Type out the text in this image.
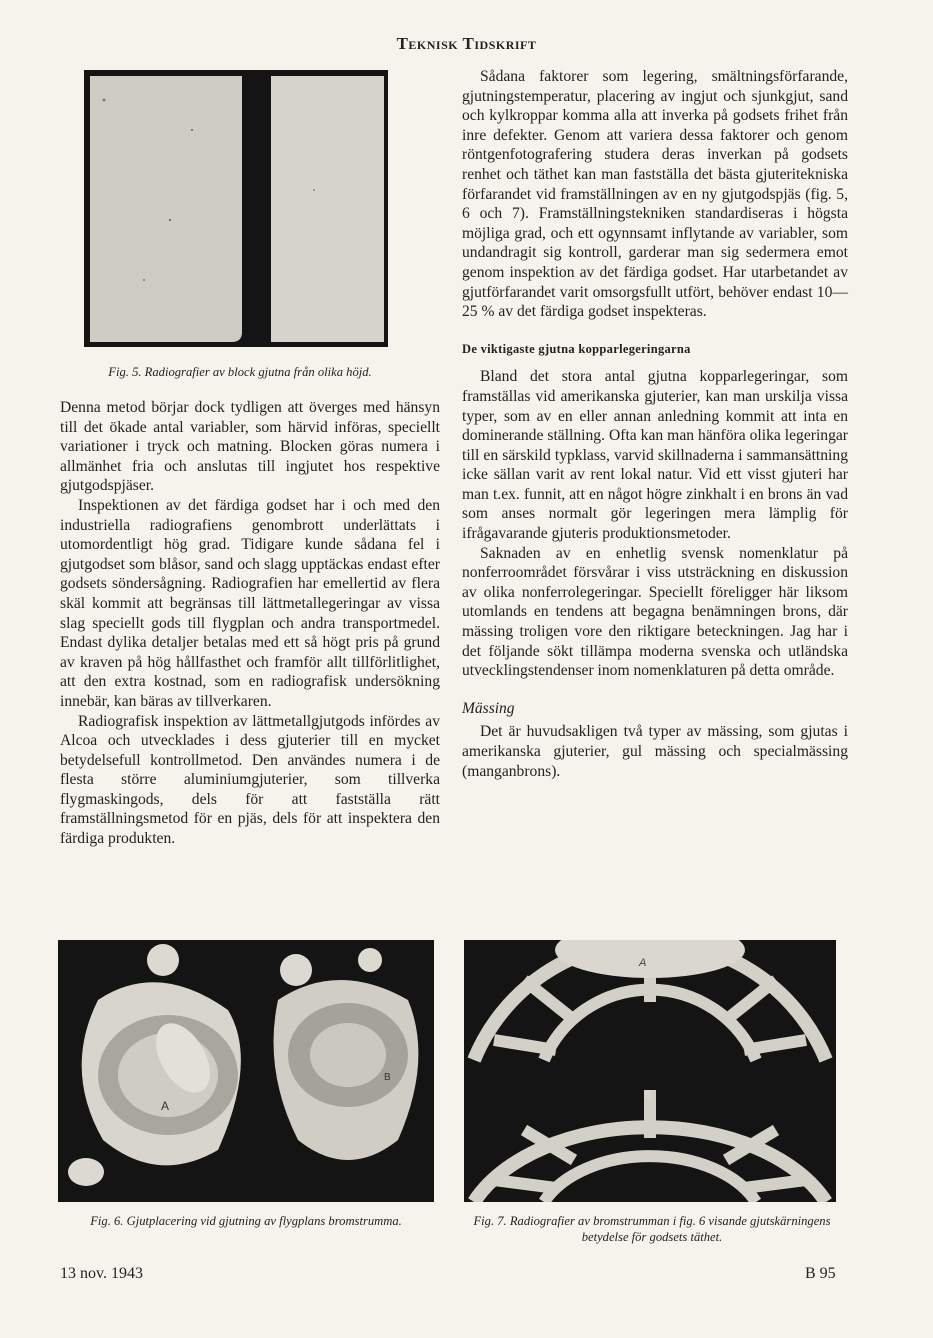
Teknisk Tidskrift
Fig. 5. Radiografier av block gjutna från olika höjd.

Denna metod börjar dock tydligen att överges med hänsyn till det ökade antal variabler, som härvid införas, speciellt variationer i tryck och matning. Blocken göras numera i allmänhet fria och anslutas till ingjutet hos respektive gjutgodspjäser.

Inspektionen av det färdiga godset har i och med den industriella radiografiens genombrott underlättats i utomordentligt hög grad. Tidigare kunde sådana fel i gjutgodset som blåsor, sand och slagg upptäckas endast efter godsets söndersågning. Radiografien har emellertid av flera skäl kommit att begränsas till lättmetallegeringar av vissa slag speciellt gods till flygplan och andra transportmedel. Endast dylika detaljer betalas med ett så högt pris på grund av kraven på hög hållfasthet och framför allt tillförlitlighet, att den extra kostnad, som en radiografisk undersökning innebär, kan bäras av tillverkaren.

Radiografisk inspektion av lättmetallgjutgods infördes av Alcoa och utvecklades i dess gjuterier till en mycket betydelsefull kontrollmetod. Den användes numera i de flesta större aluminiumgjuterier, som tillverka flygmaskingods, dels för att fastställa rätt framställningsmetod för en pjäs, dels för att inspektera den färdiga produkten.

Sådana faktorer som legering, smältningsförfarande, gjutningstemperatur, placering av ingjut och sjunkgjut, sand och kylkroppar komma alla att inverka på godsets frihet från inre defekter. Genom att variera dessa faktorer och genom röntgenfotografering studera deras inverkan på godsets renhet och täthet kan man fastställa det bästa gjuteritekniska förfarandet vid framställningen av en ny gjutgodspjäs (fig. 5, 6 och 7). Framställningstekniken standardiseras i högsta möjliga grad, och ett ogynnsamt inflytande av variabler, som undandragit sig kontroll, garderar man sig sedermera emot genom inspektion av det färdiga godset. Har utarbetandet av gjutförfarandet varit omsorgsfullt utfört, behöver endast 10—25 % av det färdiga godset inspekteras.

De viktigaste gjutna kopparlegeringarna

Bland det stora antal gjutna kopparlegeringar, som framställas vid amerikanska gjuterier, kan man urskilja vissa typer, som av en eller annan anledning kommit att inta en dominerande ställning. Ofta kan man hänföra olika legeringar till en särskild typklass, varvid skillnaderna i sammansättning icke sällan varit av rent lokal natur. Vid ett visst gjuteri har man t.ex. funnit, att en något högre zinkhalt i en brons än vad som anses normalt gör legeringen mera lämplig för ifrågavarande gjuteris produktionsmetoder.

Saknaden av en enhetlig svensk nomenklatur på nonferroområdet försvårar i viss utsträckning en diskussion av olika nonferrolegeringar. Speciellt föreligger här liksom utomlands en tendens att begagna benämningen brons, där mässing troligen vore den riktigare beteckningen. Jag har i det följande sökt tillämpa moderna svenska och utländska utvecklingstendenser inom nomenklaturen på detta område.

Mässing

Det är huvudsakligen två typer av mässing, som gjutas i amerikanska gjuterier, gul mässing och specialmässing (manganbrons).

A
B
Fig. 6. Gjutplacering vid gjutning av flygplans bromstrumma.
A
B
Fig. 7. Radiografier av bromstrumman i fig. 6 visande gjutskärningens betydelse för godsets täthet.
13 nov. 1943	B 95
